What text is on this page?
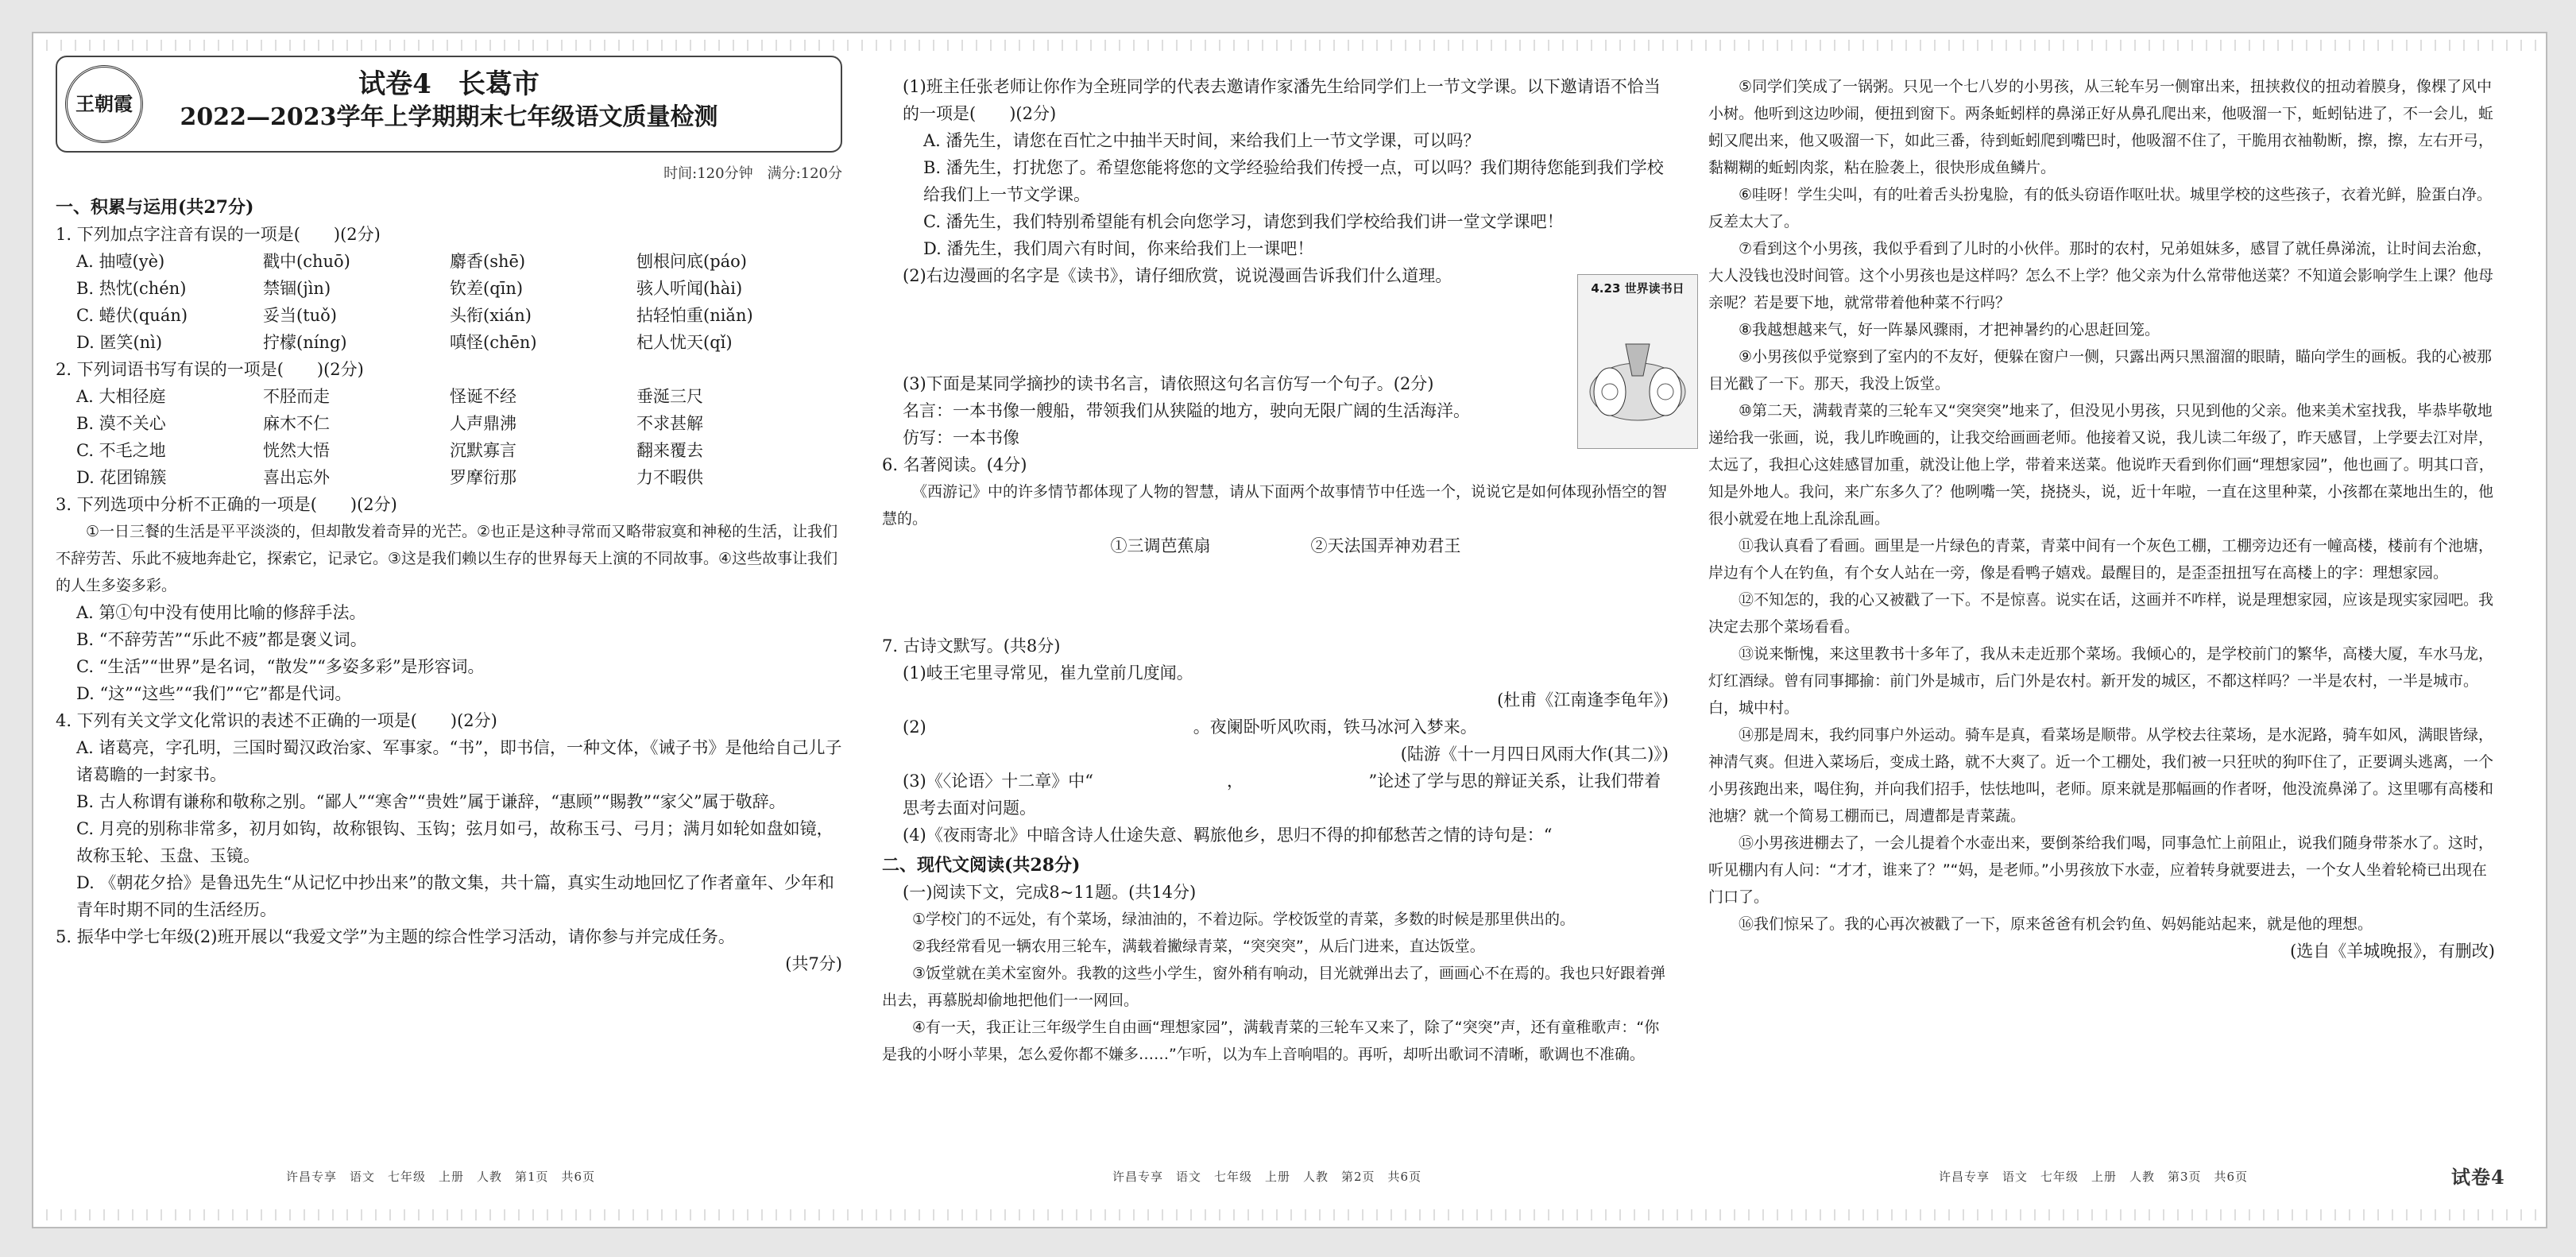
王朝霞
试卷4　长葛市
2022—2023学年上学期期末七年级语文质量检测
时间:120分钟　满分:120分
一、积累与运用(共27分)
1. 下列加点字注音有误的一项是(　　)(2分)
A. 抽噎(yè)	戳中(chuō)	麝香(shē)	刨根问底(páo)
B. 热忱(chén)	禁锢(jìn)	钦差(qīn)	骇人听闻(hài)
C. 蜷伏(quán)	妥当(tuǒ)	头衔(xián)	拈轻怕重(niǎn)
D. 匿笑(nì)	拧檬(níng)	嗔怪(chēn)	杞人忧天(qǐ)
2. 下列词语书写有误的一项是(　　)(2分)
A. 大相径庭	不胫而走	怪诞不经	垂涎三尺
B. 漠不关心	麻木不仁	人声鼎沸	不求甚解
C. 不毛之地	恍然大悟	沉默寡言	翻来覆去
D. 花团锦簇	喜出忘外	罗摩衍那	力不暇供
3. 下列选项中分析不正确的一项是(　　)(2分)
①一日三餐的生活是平平淡淡的，但却散发着奇异的光芒。②也正是这种寻常而又略带寂寞和神秘的生活，让我们不辞劳苦、乐此不疲地奔赴它，探索它，记录它。③这是我们赖以生存的世界每天上演的不同故事。④这些故事让我们的人生多姿多彩。
A. 第①句中没有使用比喻的修辞手法。
B. “不辞劳苦”“乐此不疲”都是褒义词。
C. “生活”“世界”是名词，“散发”“多姿多彩”是形容词。
D. “这”“这些”“我们”“它”都是代词。
4. 下列有关文学文化常识的表述不正确的一项是(　　)(2分)
A. 诸葛亮，字孔明，三国时蜀汉政治家、军事家。“书”，即书信，一种文体，《诫子书》是他给自己儿子诸葛瞻的一封家书。
B. 古人称谓有谦称和敬称之别。“鄙人”“寒舍”“贵姓”属于谦辞，“惠顾”“賜教”“家父”属于敬辞。
C. 月亮的别称非常多，初月如钩，故称银钩、玉钩；弦月如弓，故称玉弓、弓月；满月如轮如盘如镜，故称玉轮、玉盘、玉镜。
D. 《朝花夕拾》是鲁迅先生“从记忆中抄出来”的散文集，共十篇，真实生动地回忆了作者童年、少年和青年时期不同的生活经历。
5. 振华中学七年级(2)班开展以“我爱文学”为主题的综合性学习活动，请你参与并完成任务。
(共7分)
(1)班主任张老师让你作为全班同学的代表去邀请作家潘先生给同学们上一节文学课。以下邀请语不恰当的一项是(　　)(2分)
A. 潘先生，请您在百忙之中抽半天时间，来给我们上一节文学课，可以吗？
B. 潘先生，打扰您了。希望您能将您的文学经验给我们传授一点，可以吗？我们期待您能到我们学校给我们上一节文学课。
C. 潘先生，我们特别希望能有机会向您学习，请您到我们学校给我们讲一堂文学课吧！
D. 潘先生，我们周六有时间，你来给我们上一课吧！
(2)右边漫画的名字是《读书》，请仔细欣赏，说说漫画告诉我们什么道理。
(3)下面是某同学摘抄的读书名言，请依照这句名言仿写一个句子。(2分)
名言：一本书像一艘船，带领我们从狭隘的地方，驶向无限广阔的生活海洋。
仿写：一本书像
6. 名著阅读。(4分)
《西游记》中的许多情节都体现了人物的智慧，请从下面两个故事情节中任选一个，说说它是如何体现孙悟空的智慧的。
①三调芭蕉扇　　　　　　②天法国弄神劝君王
7. 古诗文默写。(共8分)
(1)岐王宅里寻常见，崔九堂前几度闻。
(杜甫《江南逢李龟年》)
(2)　　　　　　　　　　　　　　　　。夜阑卧听风吹雨，铁马冰河入梦来。
(陆游《十一月四日风雨大作(其二)》)
(3)《〈论语〉十二章》中“　　　　　　　　，　　　　　　　　”论述了学与思的辩证关系，让我们带着思考去面对问题。
(4)《夜雨寄北》中暗含诗人仕途失意、羁旅他乡，思归不得的抑郁愁苦之情的诗句是：“
二、现代文阅读(共28分)
(一)阅读下文，完成8~11题。(共14分)
①学校门的不远处，有个菜场，绿油油的，不着边际。学校饭堂的青菜，多数的时候是那里供出的。
②我经常看见一辆农用三轮车，满载着撇绿青菜，“突突突”，从后门进来，直达饭堂。
③饭堂就在美术室窗外。我教的这些小学生，窗外稍有响动，目光就弹出去了，画画心不在焉的。我也只好跟着弹出去，再慕脱却偷地把他们一一网回。
④有一天，我正让三年级学生自由画“理想家园”，满载青菜的三轮车又来了，除了“突突”声，还有童稚歌声：“你是我的小呀小苹果，怎么爱你都不嫌多……”乍听，以为车上音响唱的。再听，却听出歌词不清晰，歌调也不准确。
4.23 世界读书日
⑤同学们笑成了一锅粥。只见一个七八岁的小男孩，从三轮车另一侧窜出来，扭挟救仪的扭动着膜身，像棵了风中小树。他听到这边吵闹，便扭到窗下。两条蚯蚓样的鼻涕正好从鼻孔爬出来，他吸溜一下，蚯蚓钻进了，不一会儿，蚯蚓又爬出来，他又吸溜一下，如此三番，待到蚯蚓爬到嘴巴时，他吸溜不住了，干脆用衣袖勒断，擦，擦，左右开弓，黏糊糊的蚯蚓肉浆，粘在脸袭上，很快形成鱼鳞片。
⑥哇呀！学生尖叫，有的吐着舌头扮鬼脸，有的低头窃语作呕吐状。城里学校的这些孩子，衣着光鲜，脸蛋白净。反差太大了。
⑦看到这个小男孩，我似乎看到了儿时的小伙伴。那时的农村，兄弟姐妹多，感冒了就任鼻涕流，让时间去治愈，大人没钱也没时间管。这个小男孩也是这样吗？怎么不上学？他父亲为什么常带他送菜？不知道会影响学生上课？他母亲呢？若是要下地，就常带着他种菜不行吗？
⑧我越想越来气，好一阵暴风骤雨，才把神暑约的心思赶回笼。
⑨小男孩似乎觉察到了室内的不友好，便躲在窗户一侧，只露出两只黑溜溜的眼睛，瞄向学生的画板。我的心被那目光戳了一下。那天，我没上饭堂。
⑩第二天，满载青菜的三轮车又“突突突”地来了，但没见小男孩，只见到他的父亲。他来美术室找我，毕恭毕敬地递给我一张画，说，我儿昨晚画的，让我交给画画老师。他接着又说，我儿读二年级了，昨天感冒，上学要去江对岸，太远了，我担心这娃感冒加重，就没让他上学，带着来送菜。他说昨天看到你们画“理想家园”，他也画了。明其口音，知是外地人。我问，来广东多久了？他咧嘴一笑，挠挠头，说，近十年啦，一直在这里种菜，小孩都在菜地出生的，他很小就爱在地上乱涂乱画。
⑪我认真看了看画。画里是一片绿色的青菜，青菜中间有一个灰色工棚，工棚旁边还有一幢高楼，楼前有个池塘，岸边有个人在钓鱼，有个女人站在一旁，像是看鸭子嬉戏。最醒目的，是歪歪扭扭写在高楼上的字：理想家园。
⑫不知怎的，我的心又被戳了一下。不是惊喜。说实在话，这画并不咋样，说是理想家园，应该是现实家园吧。我决定去那个菜场看看。
⑬说来惭愧，来这里教书十多年了，我从未走近那个菜场。我倾心的，是学校前门的繁华，高楼大厦，车水马龙，灯红酒绿。曾有同事揶揄：前门外是城市，后门外是农村。新开发的城区，不都这样吗？一半是农村，一半是城市。白，城中村。
⑭那是周末，我约同事户外运动。骑车是真，看菜场是顺带。从学校去往菜场，是水泥路，骑车如风，满眼皆绿，神清气爽。但进入菜场后，变成土路，就不大爽了。近一个工棚处，我们被一只狂吠的狗吓住了，正要调头逃离，一个小男孩跑出来，喝住狗，并向我们招手，怯怯地叫，老师。原来就是那幅画的作者呀，他没流鼻涕了。这里哪有高楼和池塘？就一个简易工棚而已，周遭都是青菜蔬。
⑮小男孩进棚去了，一会儿提着个水壶出来，要倒茶给我们喝，同事急忙上前阻止，说我们随身带茶水了。这时，听见棚内有人问：“才才，谁来了？”“妈，是老师。”小男孩放下水壶，应着转身就要进去，一个女人坐着轮椅已出现在门口了。
⑯我们惊呆了。我的心再次被戳了一下，原来爸爸有机会钓鱼、妈妈能站起来，就是他的理想。
(选自《羊城晚报》，有删改)
许昌专享　语文　七年级　上册　人教　第1页　共6页	许昌专享　语文　七年级　上册　人教　第2页　共6页	许昌专享　语文　七年级　上册　人教　第3页　共6页	试卷4
